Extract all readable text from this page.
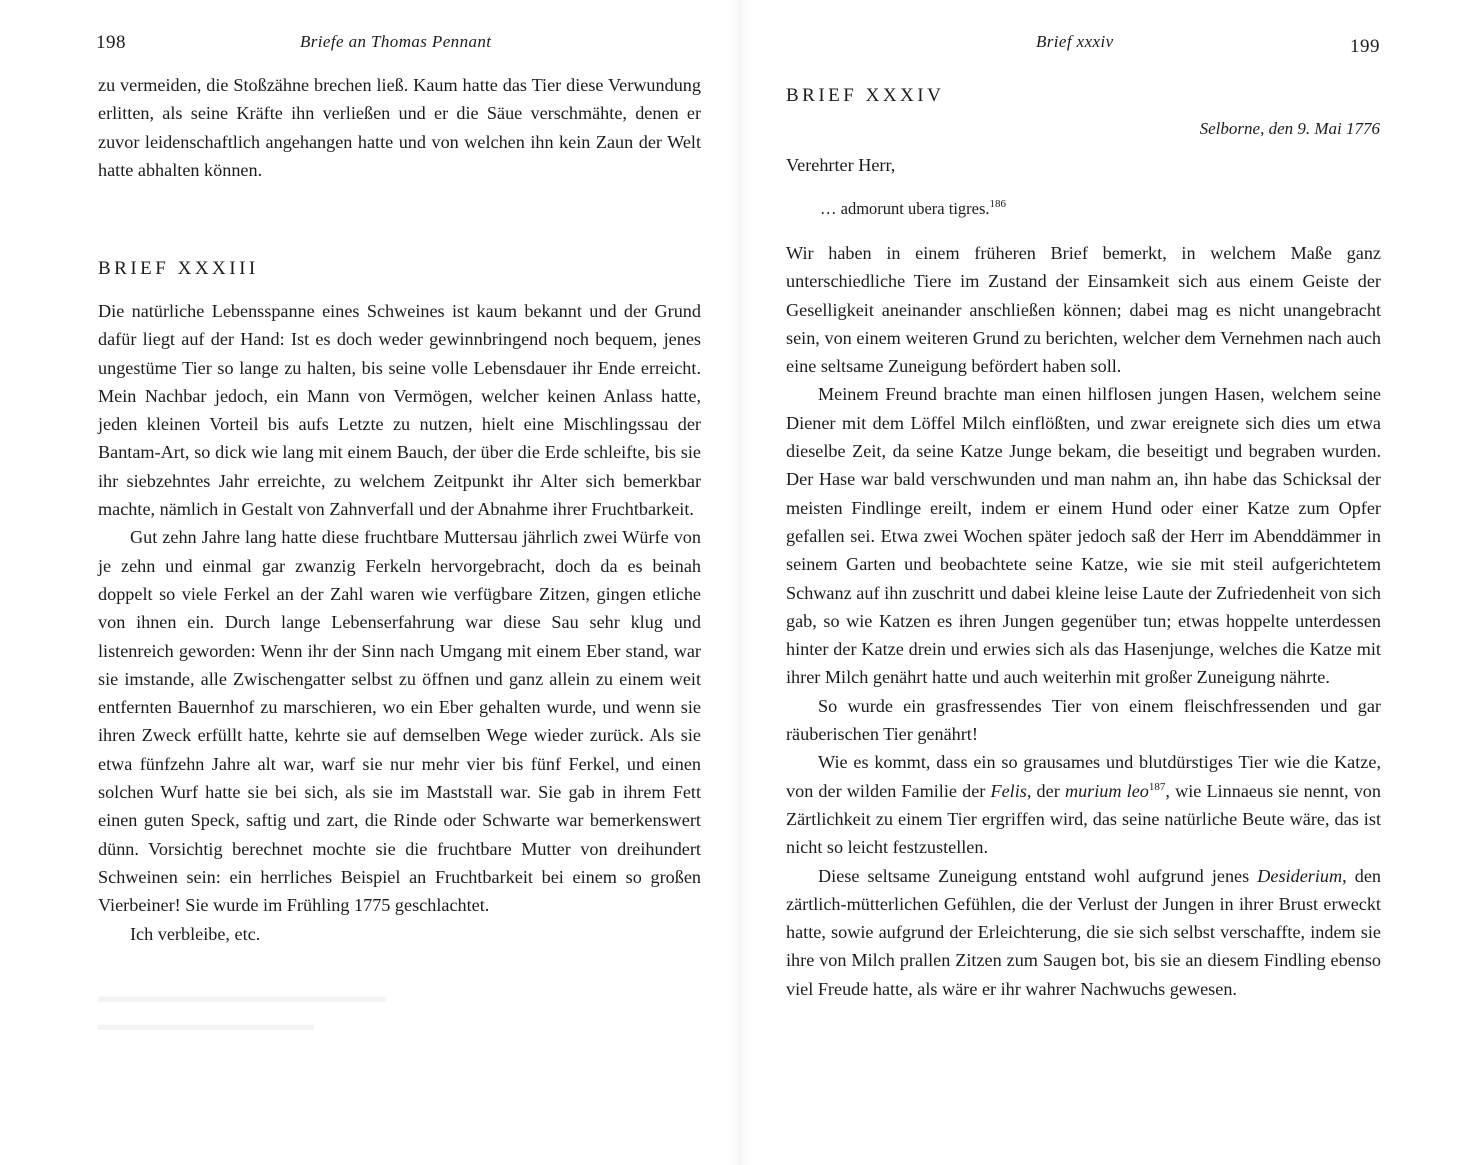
198	Briefe an Thomas Pennant

zu vermeiden, die Stoßzähne brechen ließ. Kaum hatte das Tier diese Verwundung erlitten, als seine Kräfte ihn verließen und er die Säue verschmähte, denen er zuvor leidenschaftlich angehangen hatte und von welchen ihn kein Zaun der Welt hatte abhalten können.

BRIEF XXXIII

Die natürliche Lebensspanne eines Schweines ist kaum bekannt und der Grund dafür liegt auf der Hand: Ist es doch weder gewinnbringend noch bequem, jenes ungestüme Tier so lange zu halten, bis seine volle Lebensdauer ihr Ende erreicht. Mein Nachbar jedoch, ein Mann von Vermögen, welcher keinen Anlass hatte, jeden kleinen Vorteil bis aufs Letzte zu nutzen, hielt eine Mischlingssau der Bantam-Art, so dick wie lang mit einem Bauch, der über die Erde schleifte, bis sie ihr siebzehntes Jahr erreichte, zu welchem Zeitpunkt ihr Alter sich bemerkbar machte, nämlich in Gestalt von Zahnverfall und der Abnahme ihrer Fruchtbarkeit.

Gut zehn Jahre lang hatte diese fruchtbare Muttersau jährlich zwei Würfe von je zehn und einmal gar zwanzig Ferkeln hervorgebracht, doch da es beinah doppelt so viele Ferkel an der Zahl waren wie verfügbare Zitzen, gingen etliche von ihnen ein. Durch lange Lebenserfahrung war diese Sau sehr klug und listenreich geworden: Wenn ihr der Sinn nach Umgang mit einem Eber stand, war sie imstande, alle Zwischengatter selbst zu öffnen und ganz allein zu einem weit entfernten Bauernhof zu marschieren, wo ein Eber gehalten wurde, und wenn sie ihren Zweck erfüllt hatte, kehrte sie auf demselben Wege wieder zurück. Als sie etwa fünfzehn Jahre alt war, warf sie nur mehr vier bis fünf Ferkel, und einen solchen Wurf hatte sie bei sich, als sie im Maststall war. Sie gab in ihrem Fett einen guten Speck, saftig und zart, die Rinde oder Schwarte war bemerkenswert dünn. Vorsichtig berechnet mochte sie die fruchtbare Mutter von dreihundert Schweinen sein: ein herrliches Beispiel an Fruchtbarkeit bei einem so großen Vierbeiner! Sie wurde im Frühling 1775 geschlachtet.

Ich verbleibe, etc.

Brief xxxiv	199
BRIEF XXXIV
Selborne, den 9. Mai 1776
Verehrter Herr,
… admorunt ubera tigres.$^{186}$

Wir haben in einem früheren Brief bemerkt, in welchem Maße ganz unterschiedliche Tiere im Zustand der Einsamkeit sich aus einem Geiste der Geselligkeit aneinander anschließen können; dabei mag es nicht unangebracht sein, von einem weiteren Grund zu berichten, welcher dem Vernehmen nach auch eine seltsame Zuneigung befördert haben soll.

Meinem Freund brachte man einen hilflosen jungen Hasen, welchem seine Diener mit dem Löffel Milch einflößten, und zwar ereignete sich dies um etwa dieselbe Zeit, da seine Katze Junge bekam, die beseitigt und begraben wurden. Der Hase war bald verschwunden und man nahm an, ihn habe das Schicksal der meisten Findlinge ereilt, indem er einem Hund oder einer Katze zum Opfer gefallen sei. Etwa zwei Wochen später jedoch saß der Herr im Abenddämmer in seinem Garten und beobachtete seine Katze, wie sie mit steil aufgerichtetem Schwanz auf ihn zuschritt und dabei kleine leise Laute der Zufriedenheit von sich gab, so wie Katzen es ihren Jungen gegenüber tun; etwas hoppelte unterdessen hinter der Katze drein und erwies sich als das Hasenjunge, welches die Katze mit ihrer Milch genährt hatte und auch weiterhin mit großer Zuneigung nährte.

So wurde ein grasfressendes Tier von einem fleischfressenden und gar räuberischen Tier genährt!

Wie es kommt, dass ein so grausames und blutdürstiges Tier wie die Katze, von der wilden Familie der Felis, der murium leo$^{187}$, wie Linnaeus sie nennt, von Zärtlichkeit zu einem Tier ergriffen wird, das seine natürliche Beute wäre, das ist nicht so leicht festzustellen.

Diese seltsame Zuneigung entstand wohl aufgrund jenes Desiderium, den zärtlich-mütterlichen Gefühlen, die der Verlust der Jungen in ihrer Brust erweckt hatte, sowie aufgrund der Erleichterung, die sie sich selbst verschaffte, indem sie ihre von Milch prallen Zitzen zum Saugen bot, bis sie an diesem Findling ebenso viel Freude hatte, als wäre er ihr wahrer Nachwuchs gewesen.
